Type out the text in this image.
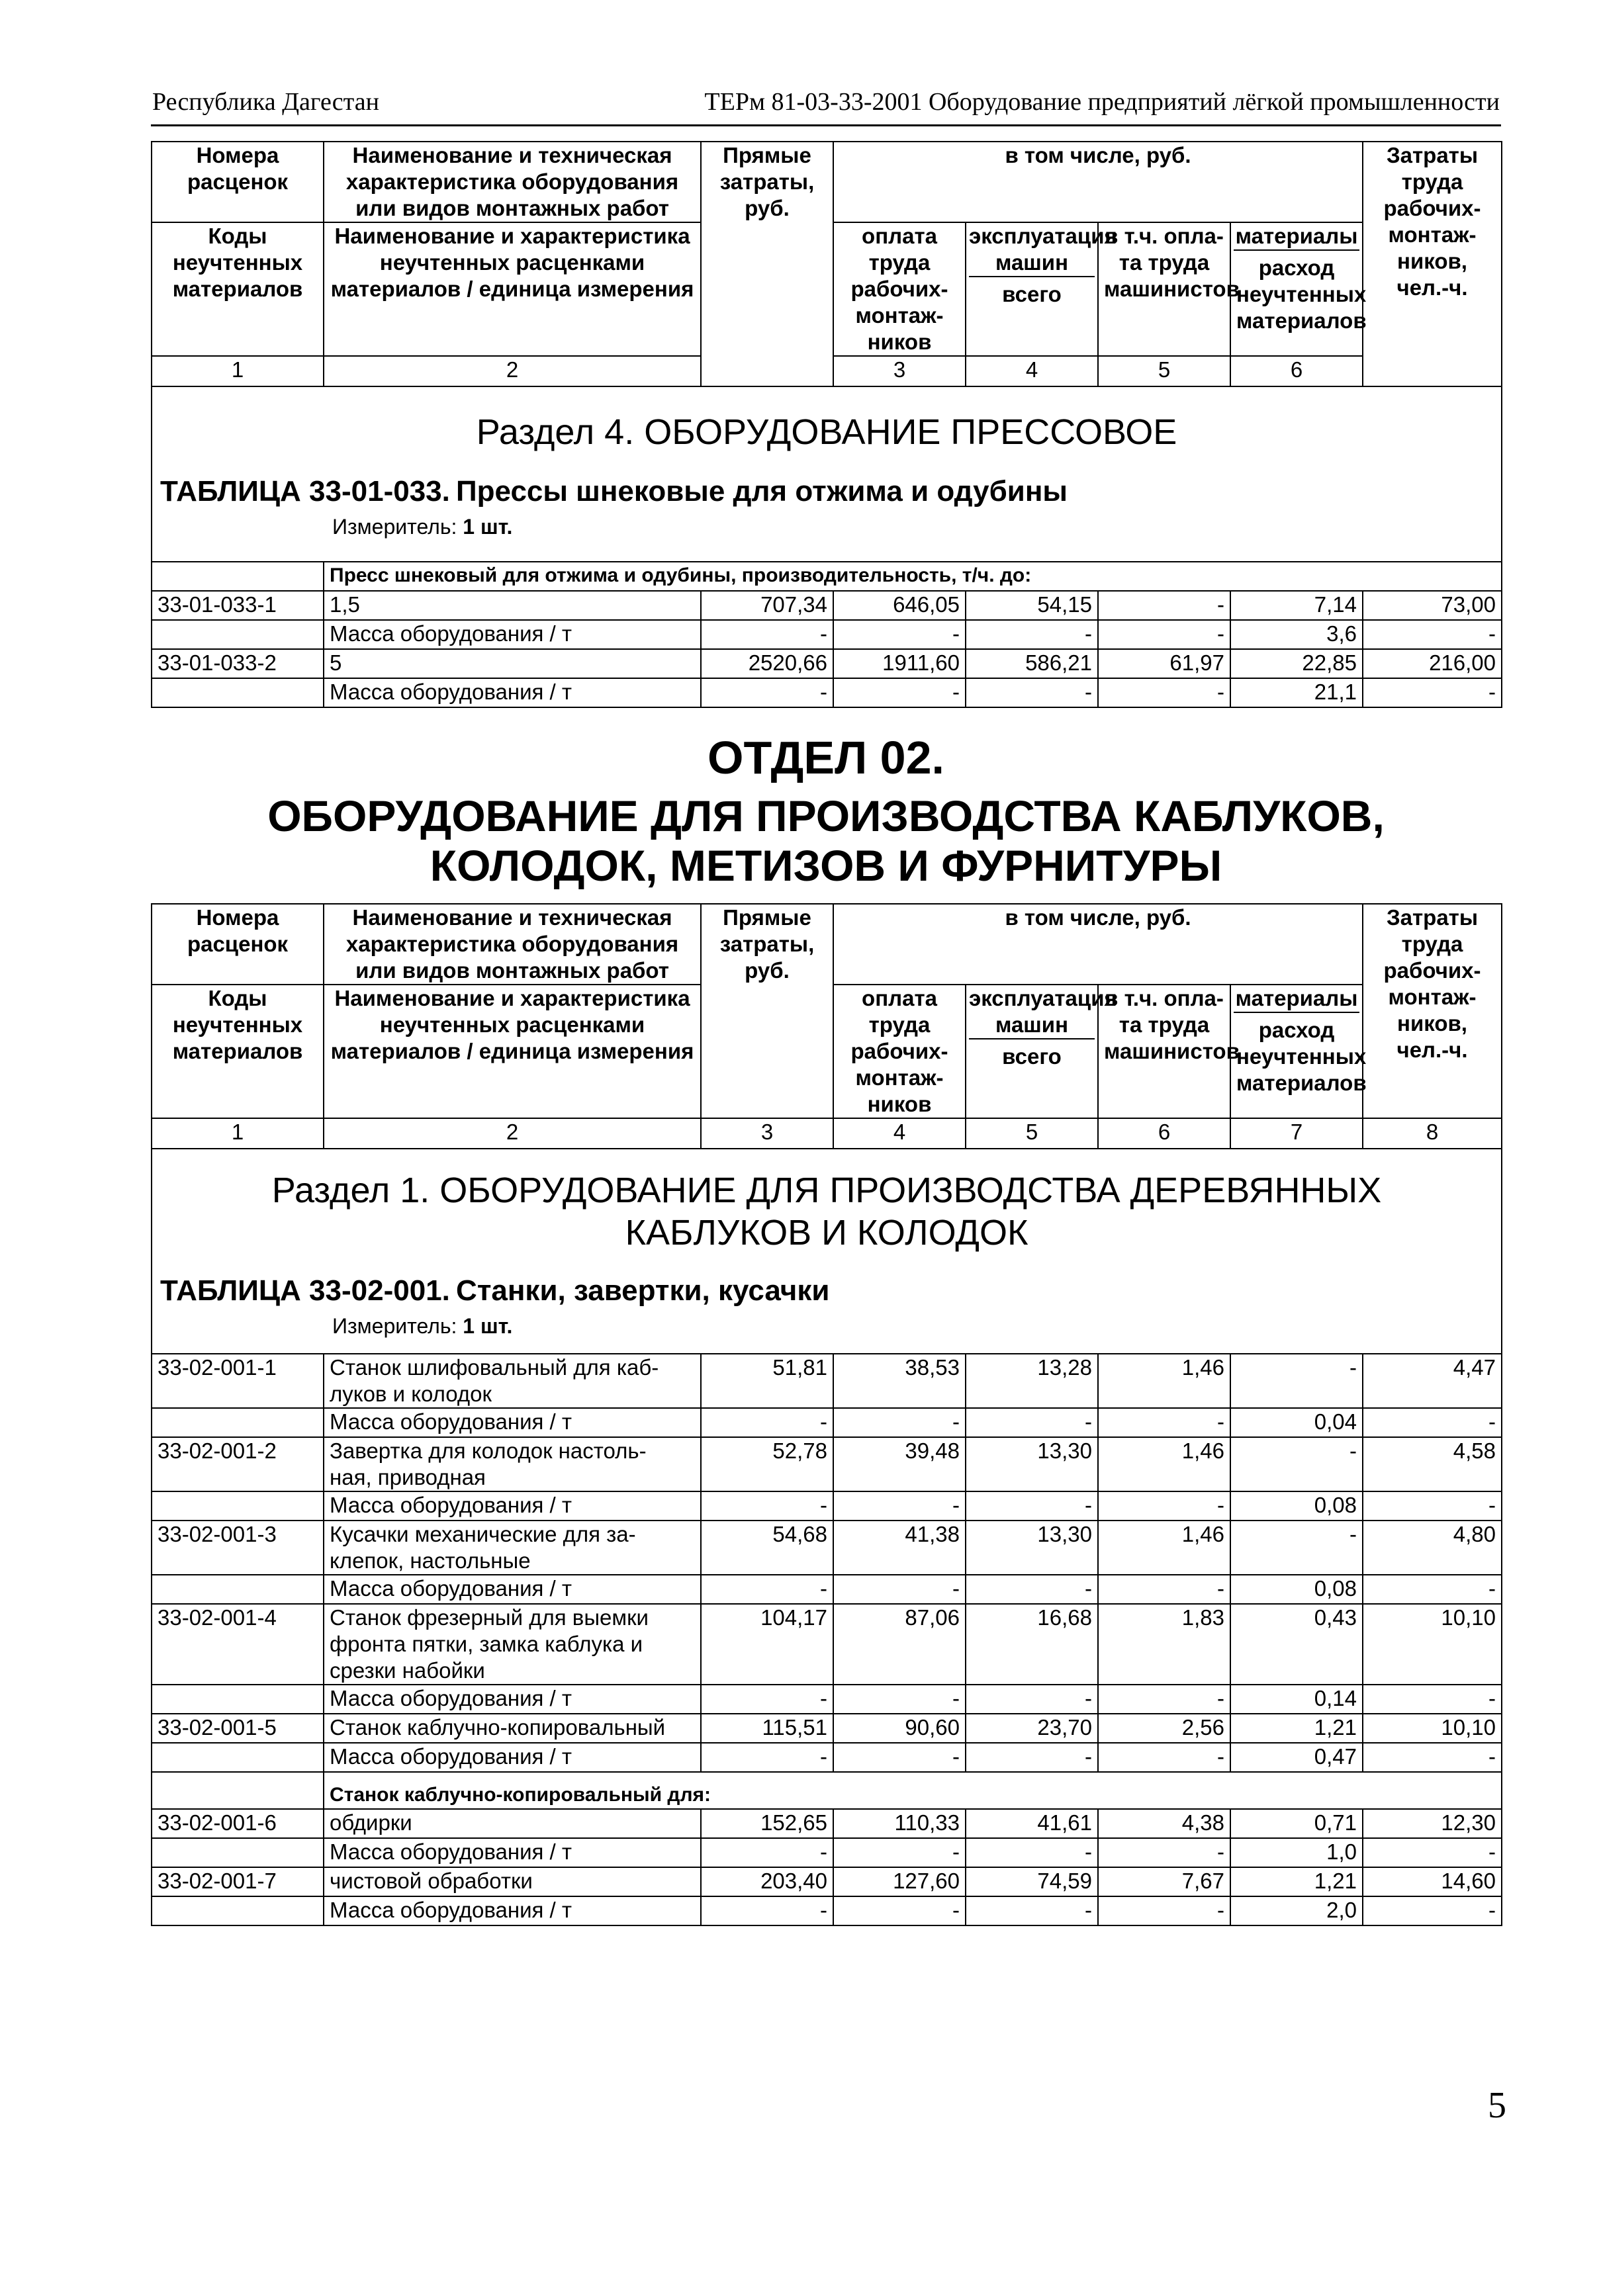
Республика Дагестан	ТЕРм 81-03-33-2001 Оборудование предприятий лёгкой промышленности
Номера расценок	Наименование и техническая характеристика оборудования или видов монтажных работ	Прямые затраты, руб.	в том числе, руб.				Затраты труда рабочих-монтаж-ников, чел.-ч.	
Коды неучтенных материалов	Наименование и характеристика неучтенных расценками материалов / единица измерения		оплата труда рабочих-монтаж-ников	эксплуатация машин
всего	в т.ч. опла-та труда машинистов	материалы
расход неучтенных материалов		
1	2		3	4	5	6		

Раздел 4. ОБОРУДОВАНИЕ ПРЕССОВОЕ
ТАБЛИЦА 33-01-033. Прессы шнековые для отжима и одубины
Измеритель: 1 шт.								

	Пресс шнековый для отжима и одубины, производительность, т/ч. до:							
33-01-033-1	1,5	707,34	646,05	54,15	-	7,14	73,00	
	Масса оборудования / т	-	-	-	-	3,6	-	
33-01-033-2	5	2520,66	1911,60	586,21	61,97	22,85	216,00	
	Масса оборудования / т	-	-	-	-	21,1	-	
ОТДЕЛ 02.
ОБОРУДОВАНИЕ ДЛЯ ПРОИЗВОДСТВА КАБЛУКОВ,
КОЛОДОК, МЕТИЗОВ И ФУРНИТУРЫ
Номера расценок	Наименование и техническая характеристика оборудования или видов монтажных работ	Прямые затраты, руб.	в том числе, руб.				Затраты труда рабочих-монтаж-ников, чел.-ч.
Коды неучтенных материалов	Наименование и характеристика неучтенных расценками материалов / единица измерения		оплата труда рабочих-монтаж-ников	эксплуатация машин
всего	в т.ч. опла-та труда машинистов	материалы
расход неучтенных материалов	
1	2	3	4	5	6	7	8

Раздел 1. ОБОРУДОВАНИЕ ДЛЯ ПРОИЗВОДСТВА ДЕРЕВЯННЫХ
КАБЛУКОВ И КОЛОДОК
ТАБЛИЦА 33-02-001. Станки, завертки, кусачки
Измеритель: 1 шт.							

33-02-001-1	Станок шлифовальный для каб-
луков и колодок	51,81	38,53	13,28	1,46	-	4,47
	Масса оборудования / т	-	-	-	-	0,04	-
33-02-001-2	Завертка для колодок настоль-
ная, приводная	52,78	39,48	13,30	1,46	-	4,58
	Масса оборудования / т	-	-	-	-	0,08	-
33-02-001-3	Кусачки механические для за-
клепок, настольные	54,68	41,38	13,30	1,46	-	4,80
	Масса оборудования / т	-	-	-	-	0,08	-
33-02-001-4	Станок фрезерный для выемки
фронта пятки, замка каблука и
срезки набойки	104,17	87,06	16,68	1,83	0,43	10,10
	Масса оборудования / т	-	-	-	-	0,14	-
33-02-001-5	Станок каблучно-копировальный	115,51	90,60	23,70	2,56	1,21	10,10
	Масса оборудования / т	-	-	-	-	0,47	-
	Станок каблучно-копировальный для:						
33-02-001-6	обдирки	152,65	110,33	41,61	4,38	0,71	12,30
	Масса оборудования / т	-	-	-	-	1,0	-
33-02-001-7	чистовой обработки	203,40	127,60	74,59	7,67	1,21	14,60
	Масса оборудования / т	-	-	-	-	2,0	-
5
